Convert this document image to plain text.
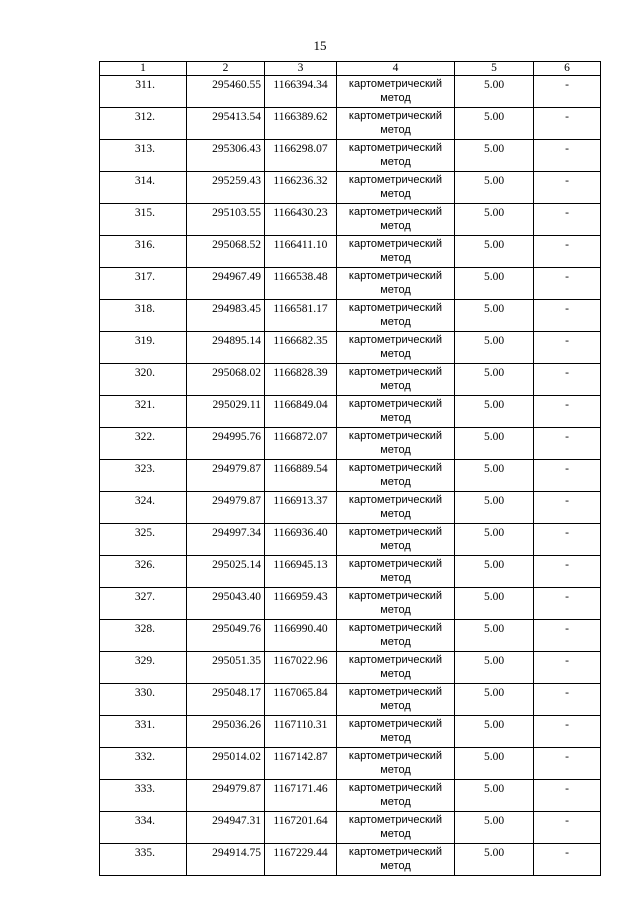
15
1	2	3	4	5	6
311.	295460.55	1166394.34	картометрический
метод	5.00	-
312.	295413.54	1166389.62	картометрический
метод	5.00	-
313.	295306.43	1166298.07	картометрический
метод	5.00	-
314.	295259.43	1166236.32	картометрический
метод	5.00	-
315.	295103.55	1166430.23	картометрический
метод	5.00	-
316.	295068.52	1166411.10	картометрический
метод	5.00	-
317.	294967.49	1166538.48	картометрический
метод	5.00	-
318.	294983.45	1166581.17	картометрический
метод	5.00	-
319.	294895.14	1166682.35	картометрический
метод	5.00	-
320.	295068.02	1166828.39	картометрический
метод	5.00	-
321.	295029.11	1166849.04	картометрический
метод	5.00	-
322.	294995.76	1166872.07	картометрический
метод	5.00	-
323.	294979.87	1166889.54	картометрический
метод	5.00	-
324.	294979.87	1166913.37	картометрический
метод	5.00	-
325.	294997.34	1166936.40	картометрический
метод	5.00	-
326.	295025.14	1166945.13	картометрический
метод	5.00	-
327.	295043.40	1166959.43	картометрический
метод	5.00	-
328.	295049.76	1166990.40	картометрический
метод	5.00	-
329.	295051.35	1167022.96	картометрический
метод	5.00	-
330.	295048.17	1167065.84	картометрический
метод	5.00	-
331.	295036.26	1167110.31	картометрический
метод	5.00	-
332.	295014.02	1167142.87	картометрический
метод	5.00	-
333.	294979.87	1167171.46	картометрический
метод	5.00	-
334.	294947.31	1167201.64	картометрический
метод	5.00	-
335.	294914.75	1167229.44	картометрический
метод	5.00	-
